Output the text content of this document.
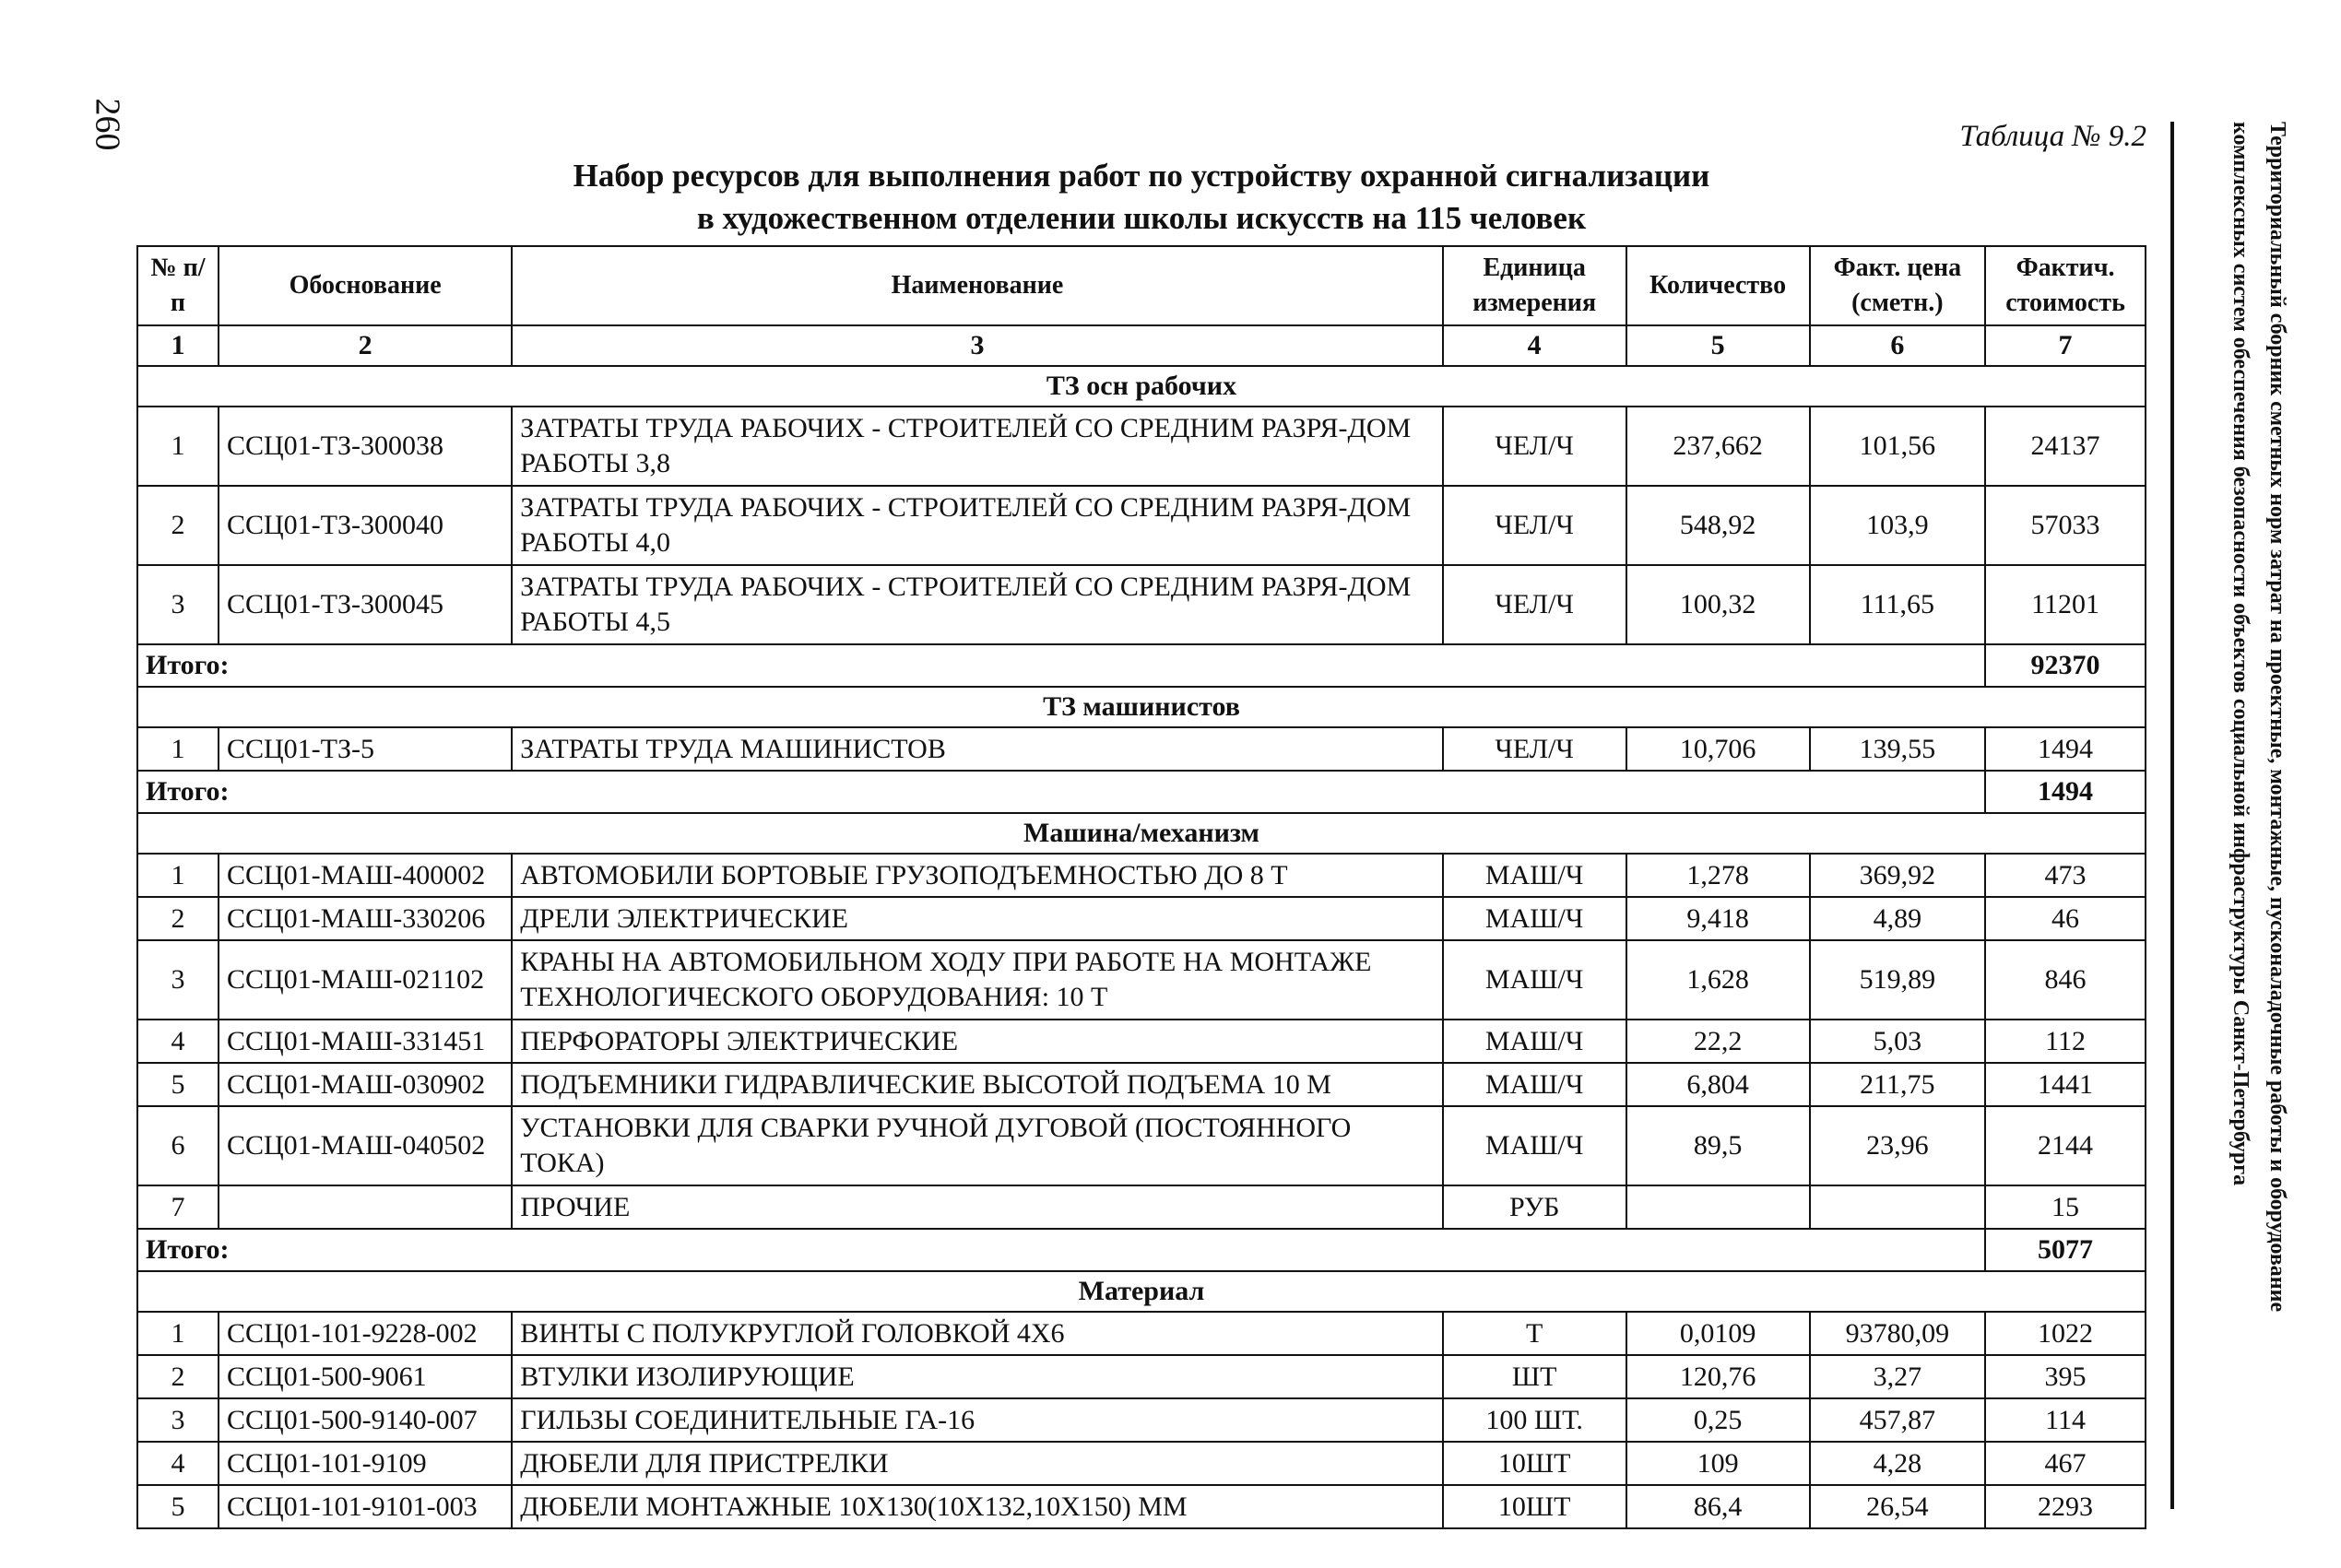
260	Таблица № 9.2
Набор ресурсов для выполнения работ по устройству охранной сигнализации
в художественном отделении школы искусств на 115 человек	Территориальный сборник сметных норм затрат на проектные, монтажные, пусконаладочные работы и оборудование
комплексных систем обеспечения безопасности объектов социальной инфраструктуры Санкт-Петербурга
№ п/п	Обоснование	Наименование	Единица измерения	Количество	Факт. цена (сметн.)	Фактич. стоимость
1	2	3	4	5	6	7
ТЗ осн рабочих						
1	ССЦ01-ТЗ-300038	ЗАТРАТЫ ТРУДА РАБОЧИХ - СТРОИТЕЛЕЙ СО СРЕДНИМ РАЗРЯ-ДОМ РАБОТЫ 3,8	ЧЕЛ/Ч	237,662	101,56	24137
2	ССЦ01-ТЗ-300040	ЗАТРАТЫ ТРУДА РАБОЧИХ - СТРОИТЕЛЕЙ СО СРЕДНИМ РАЗРЯ-ДОМ РАБОТЫ 4,0	ЧЕЛ/Ч	548,92	103,9	57033
3	ССЦ01-ТЗ-300045	ЗАТРАТЫ ТРУДА РАБОЧИХ - СТРОИТЕЛЕЙ СО СРЕДНИМ РАЗРЯ-ДОМ РАБОТЫ 4,5	ЧЕЛ/Ч	100,32	111,65	11201
Итого:						92370
ТЗ машинистов						
1	ССЦ01-ТЗ-5	ЗАТРАТЫ ТРУДА МАШИНИСТОВ	ЧЕЛ/Ч	10,706	139,55	1494
Итого:						1494
Машина/механизм						
1	ССЦ01-МАШ-400002	АВТОМОБИЛИ БОРТОВЫЕ ГРУЗОПОДЪЕМНОСТЬЮ ДО 8 Т	МАШ/Ч	1,278	369,92	473
2	ССЦ01-МАШ-330206	ДРЕЛИ ЭЛЕКТРИЧЕСКИЕ	МАШ/Ч	9,418	4,89	46
3	ССЦ01-МАШ-021102	КРАНЫ НА АВТОМОБИЛЬНОМ ХОДУ ПРИ РАБОТЕ НА МОНТАЖЕ ТЕХНОЛОГИЧЕСКОГО ОБОРУДОВАНИЯ: 10 Т	МАШ/Ч	1,628	519,89	846
4	ССЦ01-МАШ-331451	ПЕРФОРАТОРЫ ЭЛЕКТРИЧЕСКИЕ	МАШ/Ч	22,2	5,03	112
5	ССЦ01-МАШ-030902	ПОДЪЕМНИКИ ГИДРАВЛИЧЕСКИЕ ВЫСОТОЙ ПОДЪЕМА 10 М	МАШ/Ч	6,804	211,75	1441
6	ССЦ01-МАШ-040502	УСТАНОВКИ ДЛЯ СВАРКИ РУЧНОЙ ДУГОВОЙ (ПОСТОЯННОГО ТОКА)	МАШ/Ч	89,5	23,96	2144
7		ПРОЧИЕ	РУБ			15
Итого:						5077
Материал						
1	ССЦ01-101-9228-002	ВИНТЫ С ПОЛУКРУГЛОЙ ГОЛОВКОЙ 4Х6	Т	0,0109	93780,09	1022
2	ССЦ01-500-9061	ВТУЛКИ ИЗОЛИРУЮЩИЕ	ШТ	120,76	3,27	395
3	ССЦ01-500-9140-007	ГИЛЬЗЫ СОЕДИНИТЕЛЬНЫЕ ГА-16	100 ШТ.	0,25	457,87	114
4	ССЦ01-101-9109	ДЮБЕЛИ ДЛЯ ПРИСТРЕЛКИ	10ШТ	109	4,28	467
5	ССЦ01-101-9101-003	ДЮБЕЛИ МОНТАЖНЫЕ 10Х130(10Х132,10Х150) ММ	10ШТ	86,4	26,54	2293
